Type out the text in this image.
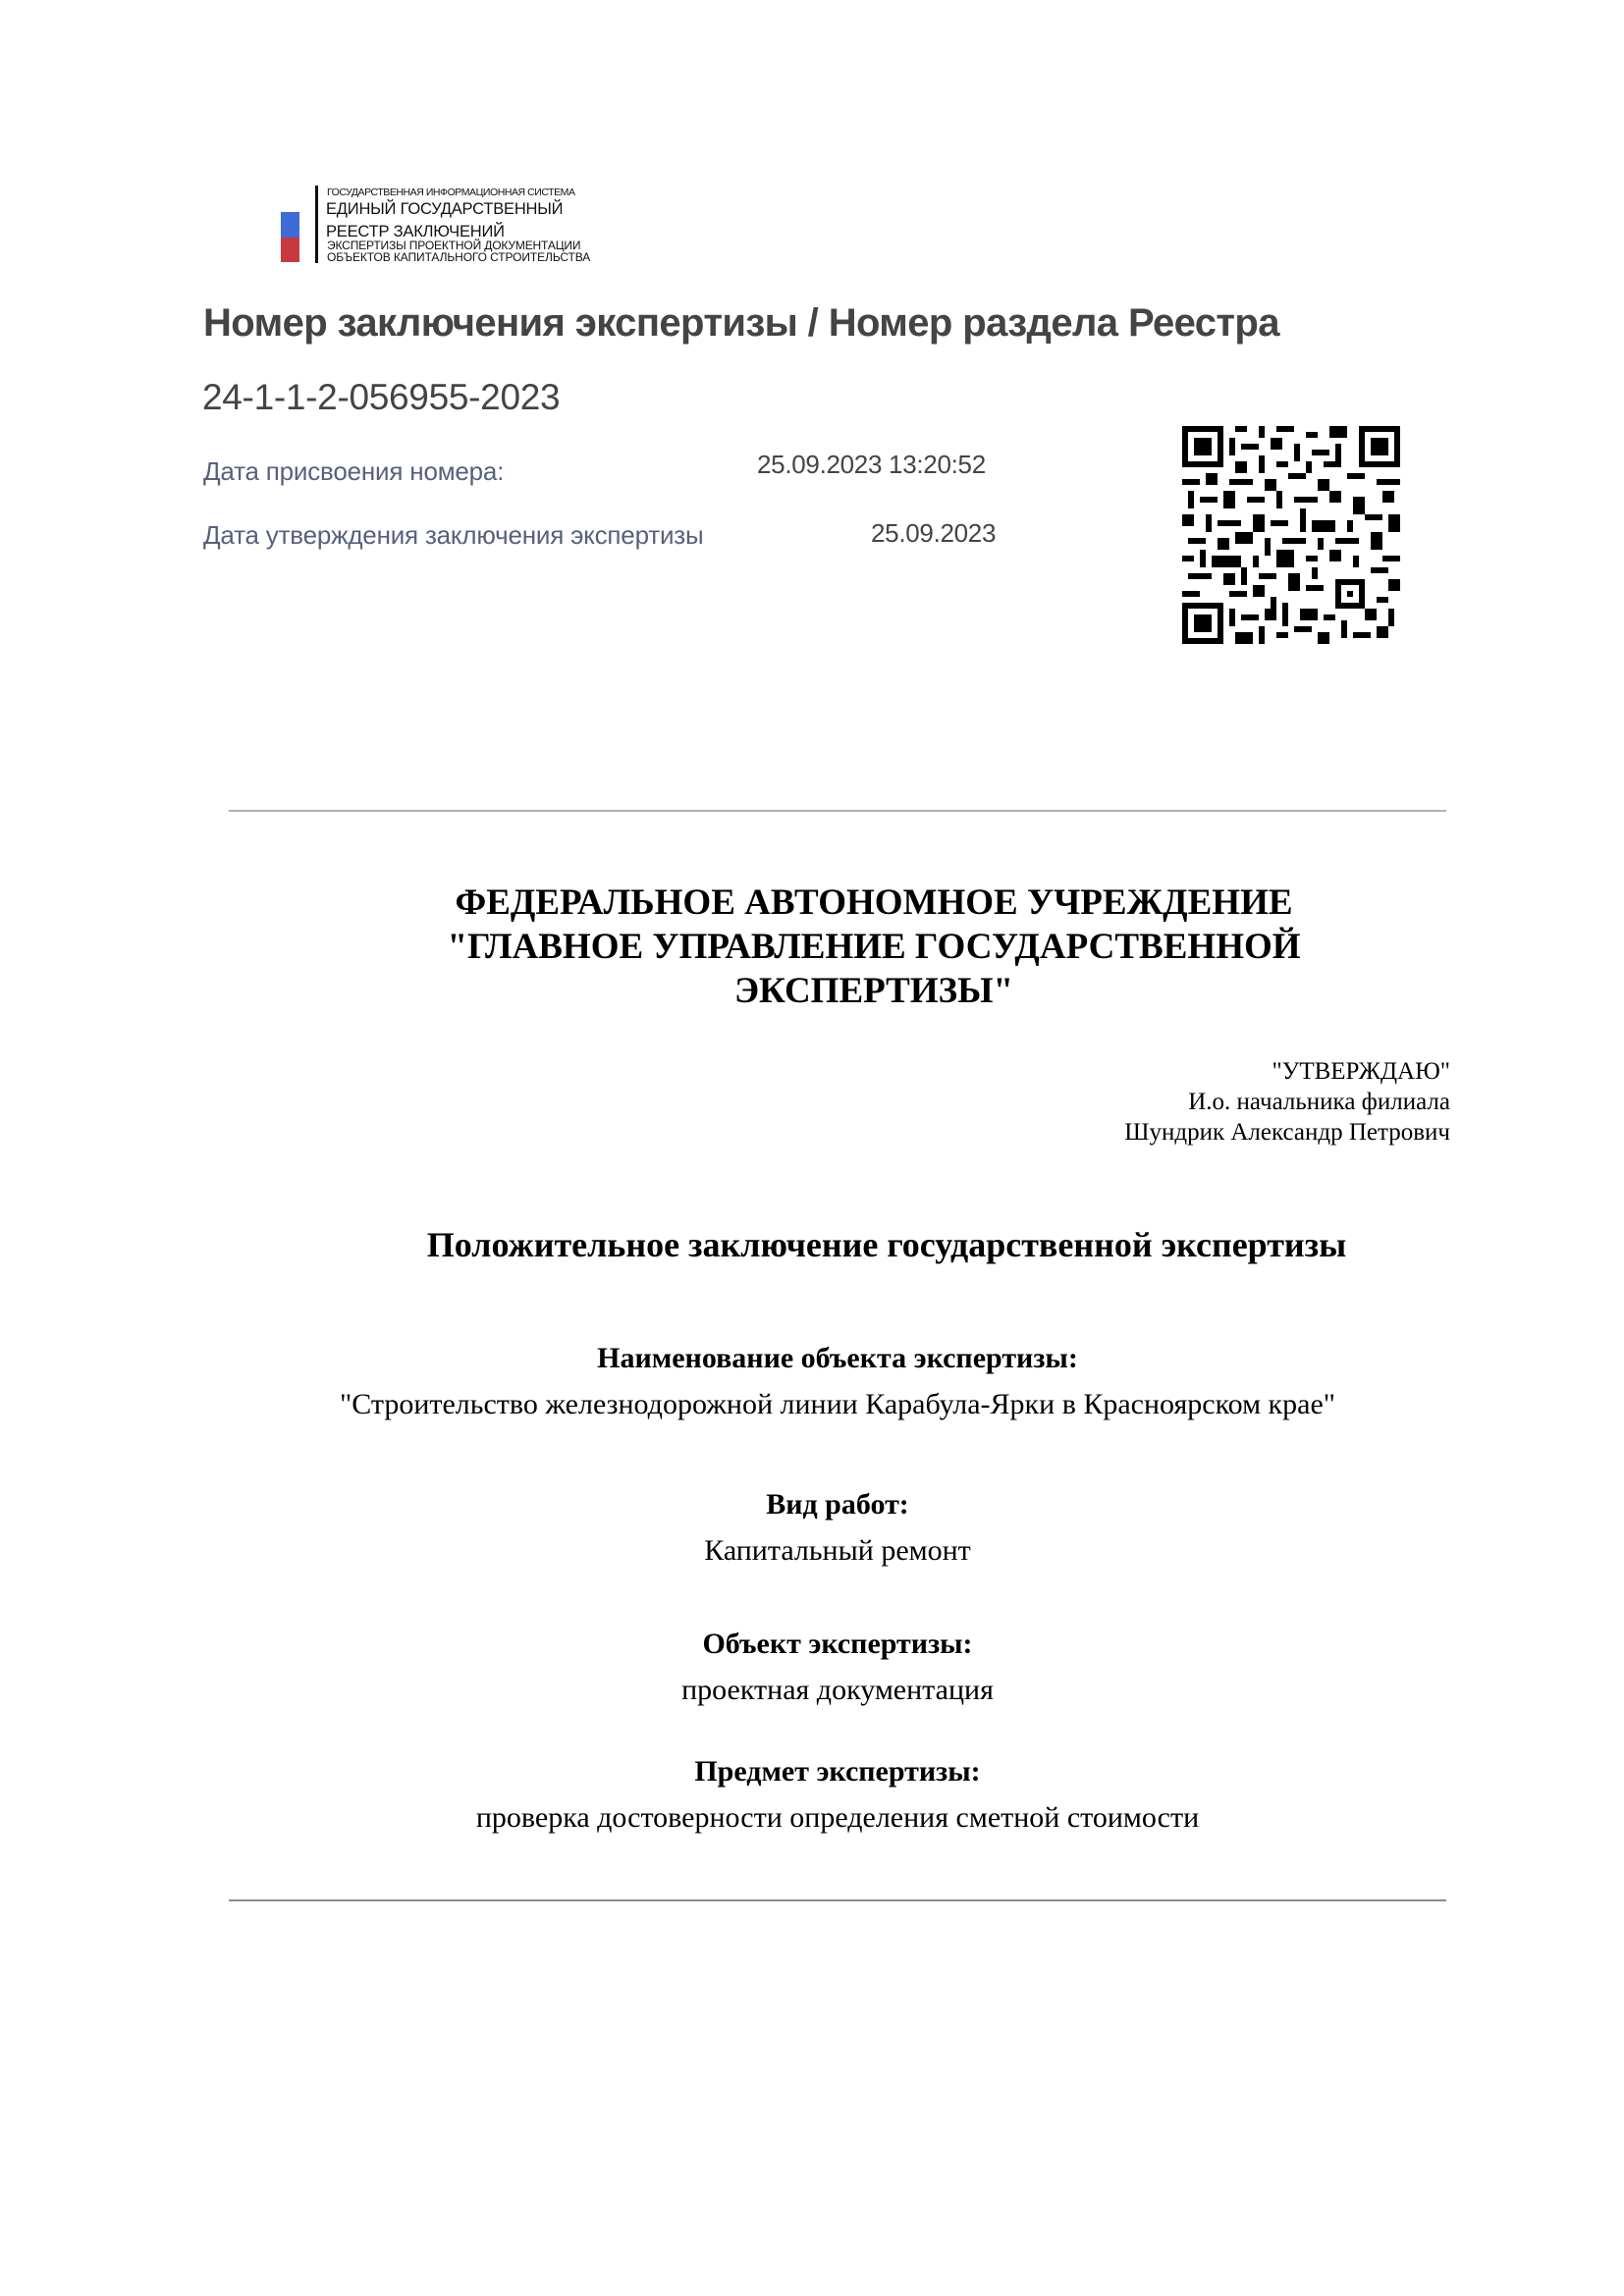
ГОСУДАРСТВЕННАЯ ИНФОРМАЦИОННАЯ СИСТЕМА
ЕДИНЫЙ ГОСУДАРСТВЕННЫЙ
РЕЕСТР ЗАКЛЮЧЕНИЙ
ЭКСПЕРТИЗЫ ПРОЕКТНОЙ ДОКУМЕНТАЦИИ
ОБЪЕКТОВ КАПИТАЛЬНОГО СТРОИТЕЛЬСТВА
Номер заключения экспертизы / Номер раздела Реестра
24-1-1-2-056955-2023
Дата присвоения номера:	25.09.2023 13:20:52
Дата утверждения заключения экспертизы	25.09.2023
ФЕДЕРАЛЬНОЕ АВТОНОМНОЕ УЧРЕЖДЕНИЕ
"ГЛАВНОЕ УПРАВЛЕНИЕ ГОСУДАРСТВЕННОЙ
ЭКСПЕРТИЗЫ"
"УТВЕРЖДАЮ"
И.о. начальника филиала
Шундрик Александр Петрович
Положительное заключение государственной экспертизы
Наименование объекта экспертизы:
"Строительство железнодорожной линии Карабула-Ярки в Красноярском крае"
Вид работ:
Капитальный ремонт
Объект экспертизы:
проектная документация
Предмет экспертизы:
проверка достоверности определения сметной стоимости
